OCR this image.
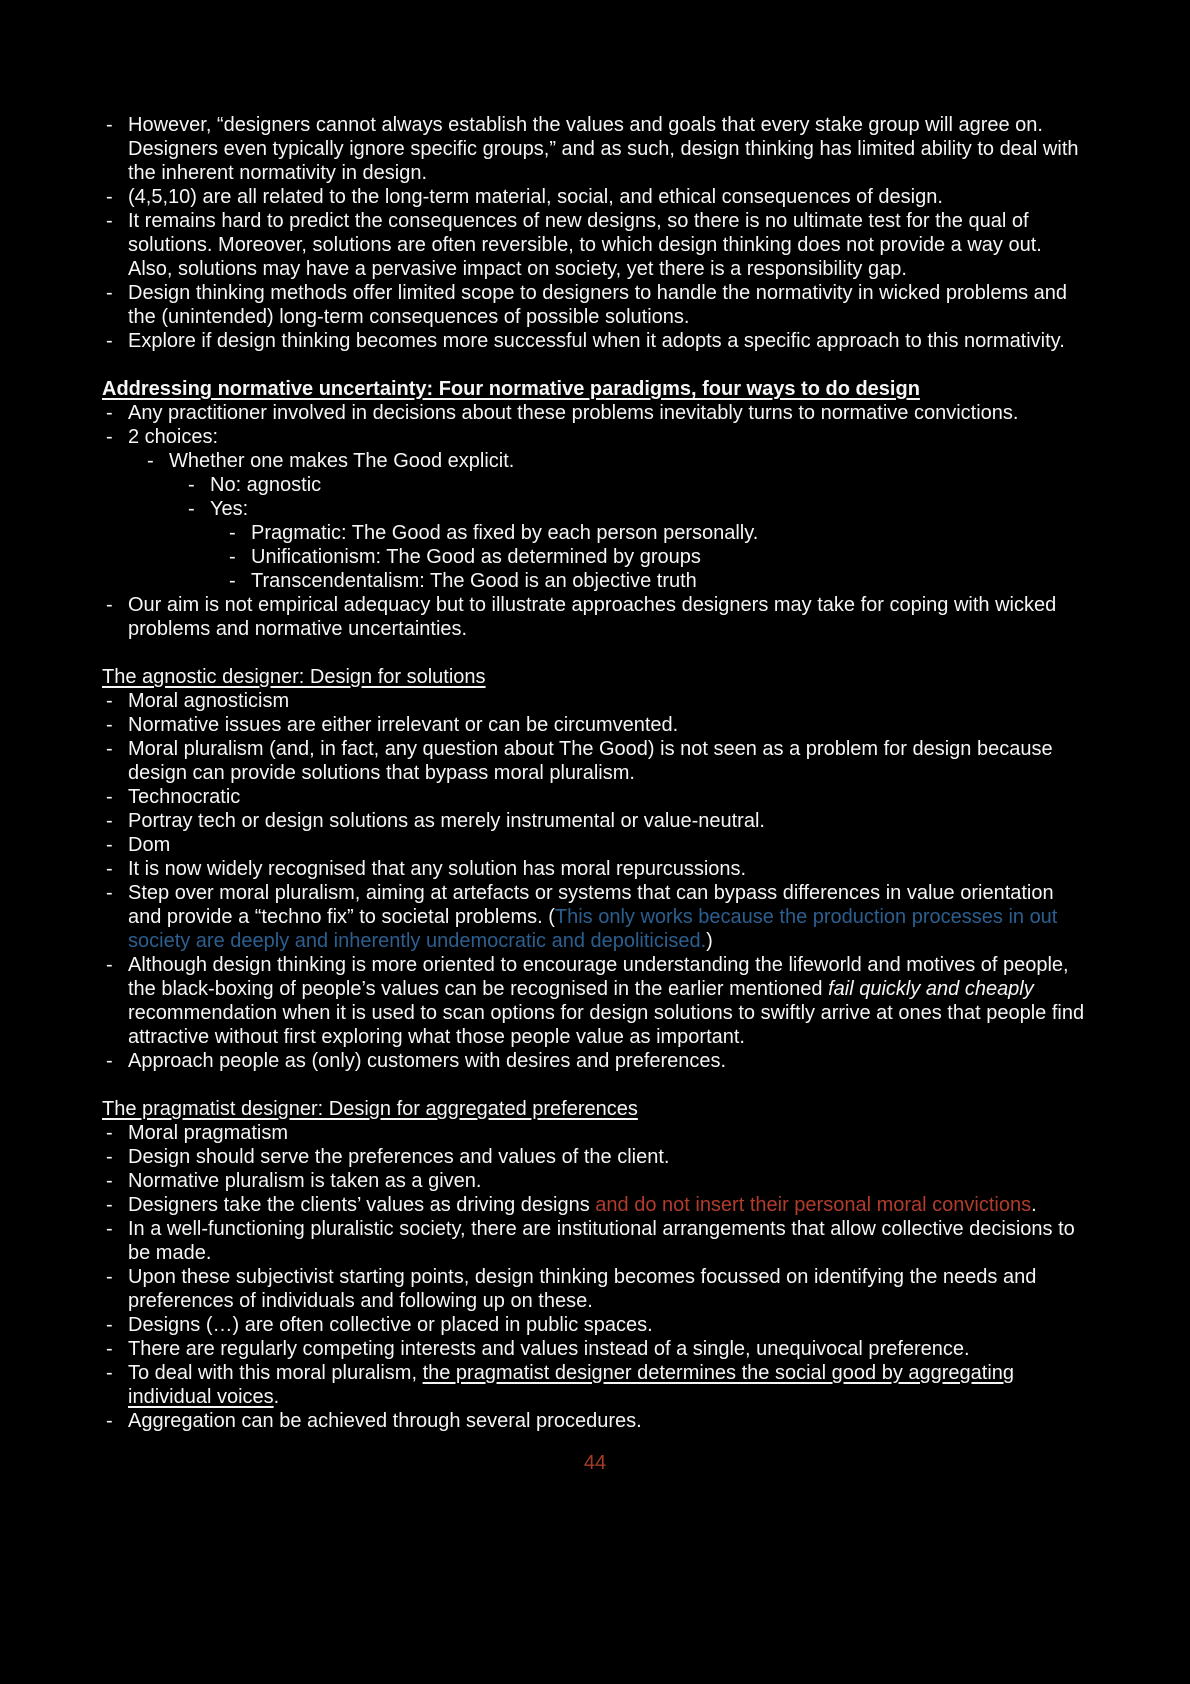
- However, “designers cannot always establish the values and goals that every stake group will agree on. Designers even typically ignore specific groups,” and as such, design thinking has limited ability to deal with the inherent normativity in design.
- (4,5,10) are all related to the long-term material, social, and ethical consequences of design.
- It remains hard to predict the consequences of new designs, so there is no ultimate test for the qual of solutions. Moreover, solutions are often reversible, to which design thinking does not provide a way out. Also, solutions may have a pervasive impact on society, yet there is a responsibility gap.
- Design thinking methods offer limited scope to designers to handle the normativity in wicked problems and the (unintended) long-term consequences of possible solutions.
- Explore if design thinking becomes more successful when it adopts a specific approach to this normativity.
Addressing normative uncertainty: Four normative paradigms, four ways to do design
- Any practitioner involved in decisions about these problems inevitably turns to normative convictions.
- 2 choices:
- Whether one makes The Good explicit.
- No: agnostic
- Yes:
- Pragmatic: The Good as fixed by each person personally.
- Unificationism: The Good as determined by groups
- Transcendentalism: The Good is an objective truth
- Our aim is not empirical adequacy but to illustrate approaches designers may take for coping with wicked problems and normative uncertainties.
The agnostic designer: Design for solutions
- Moral agnosticism
- Normative issues are either irrelevant or can be circumvented.
- Moral pluralism (and, in fact, any question about The Good) is not seen as a problem for design because design can provide solutions that bypass moral pluralism.
- Technocratic
- Portray tech or design solutions as merely instrumental or value-neutral.
- Dom
- It is now widely recognised that any solution has moral repurcussions.
- Step over moral pluralism, aiming at artefacts or systems that can bypass differences in value orientation and provide a “techno fix” to societal problems. (This only works because the production processes in out society are deeply and inherently undemocratic and depoliticised.)
- Although design thinking is more oriented to encourage understanding the lifeworld and motives of people, the black-boxing of people’s values can be recognised in the earlier mentioned fail quickly and cheaply recommendation when it is used to scan options for design solutions to swiftly arrive at ones that people find attractive without first exploring what those people value as important.
- Approach people as (only) customers with desires and preferences.
The pragmatist designer: Design for aggregated preferences
- Moral pragmatism
- Design should serve the preferences and values of the client.
- Normative pluralism is taken as a given.
- Designers take the clients’ values as driving designs and do not insert their personal moral convictions.
- In a well-functioning pluralistic society, there are institutional arrangements that allow collective decisions to be made.
- Upon these subjectivist starting points, design thinking becomes focussed on identifying the needs and preferences of individuals and following up on these.
- Designs (…) are often collective or placed in public spaces.
- There are regularly competing interests and values instead of a single, unequivocal preference.
- To deal with this moral pluralism, the pragmatist designer determines the social good by aggregating individual voices.
- Aggregation can be achieved through several procedures.
44
